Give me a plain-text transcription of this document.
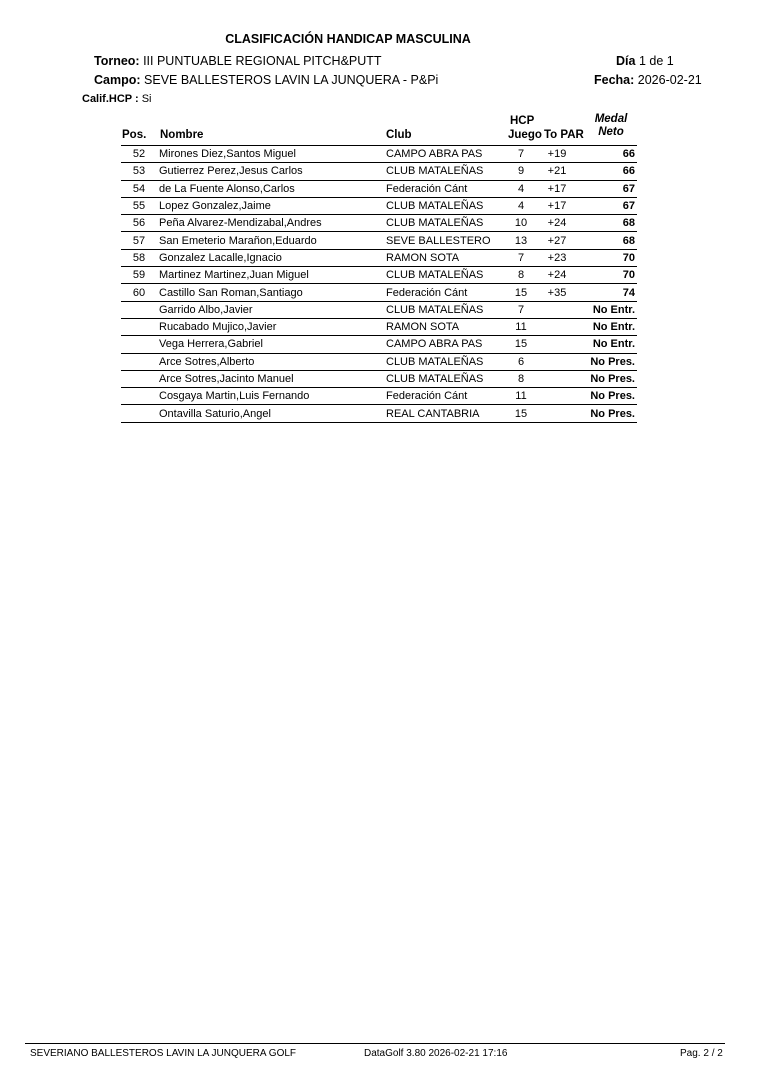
CLASIFICACIÓN HANDICAP MASCULINA
Torneo: III PUNTUABLE REGIONAL PITCH&PUTT	Día 1 de 1
Campo: SEVE BALLESTEROS LAVIN LA JUNQUERA - P&Pi	Fecha: 2026-02-21
Calif.HCP : Si
Pos. Nombre	Club
HCP
Juego To PAR
Medal
Neto
52	Mirones Diez,Santos Miguel	CAMPO ABRA PAS	7	+19	66
53	Gutierrez Perez,Jesus Carlos	CLUB MATALEÑAS	9	+21	66
54	de La Fuente Alonso,Carlos	Federación Cánt	4	+17	67
55	Lopez Gonzalez,Jaime	CLUB MATALEÑAS	4	+17	67
56	Peña Alvarez-Mendizabal,Andres	CLUB MATALEÑAS	10	+24	68
57	San Emeterio Marañon,Eduardo	SEVE BALLESTERO	13	+27	68
58	Gonzalez Lacalle,Ignacio	RAMON SOTA	7	+23	70
59	Martinez Martinez,Juan Miguel	CLUB MATALEÑAS	8	+24	70
60	Castillo San Roman,Santiago	Federación Cánt	15	+35	74
	Garrido Albo,Javier	CLUB MATALEÑAS	7		No Entr.
	Rucabado Mujico,Javier	RAMON SOTA	11		No Entr.
	Vega Herrera,Gabriel	CAMPO ABRA PAS	15		No Entr.
	Arce Sotres,Alberto	CLUB MATALEÑAS	6		No Pres.
	Arce Sotres,Jacinto Manuel	CLUB MATALEÑAS	8		No Pres.
	Cosgaya Martin,Luis Fernando	Federación Cánt	11		No Pres.
	Ontavilla Saturio,Angel	REAL CANTABRIA	15		No Pres.
SEVERIANO BALLESTEROS LAVIN LA JUNQUERA GOLF	DataGolf 3.80 2026-02-21 17:16	Pag. 2 / 2
